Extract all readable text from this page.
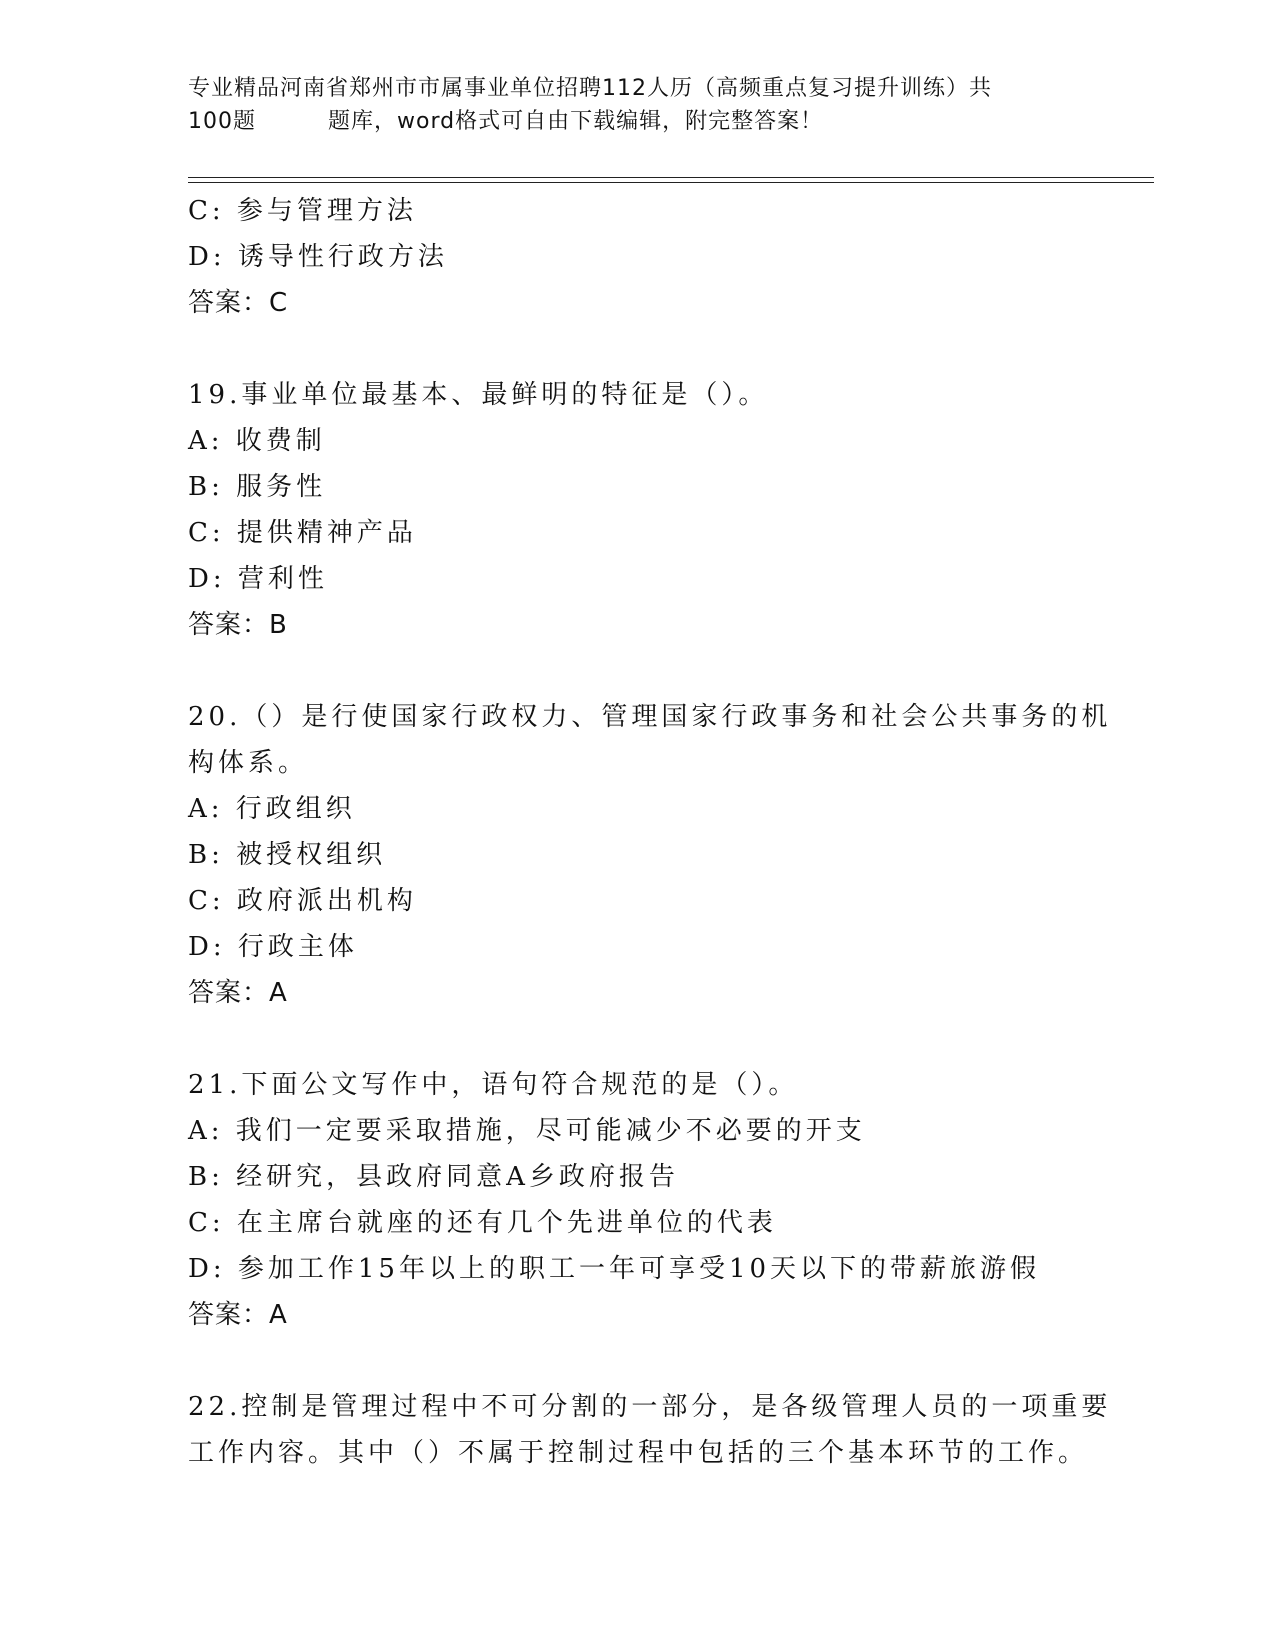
专业精品河南省郑州市市属事业单位招聘112人历（高频重点复习提升训练）共
100题	题库，word格式可自由下载编辑，附完整答案！
C: 参与管理方法
D: 诱导性行政方法
答案：C
19.事业单位最基本、最鲜明的特征是（）。
A: 收费制
B: 服务性
C: 提供精神产品
D: 营利性
答案：B
20.（）是行使国家行政权力、管理国家行政事务和社会公共事务的机
构体系。
A: 行政组织
B: 被授权组织
C: 政府派出机构
D: 行政主体
答案：A
21.下面公文写作中，语句符合规范的是（）。
A: 我们一定要采取措施，尽可能减少不必要的开支
B: 经研究，县政府同意A乡政府报告
C: 在主席台就座的还有几个先进单位的代表
D: 参加工作15年以上的职工一年可享受10天以下的带薪旅游假
答案：A
22.控制是管理过程中不可分割的一部分，是各级管理人员的一项重要
工作内容。其中（）不属于控制过程中包括的三个基本环节的工作。
